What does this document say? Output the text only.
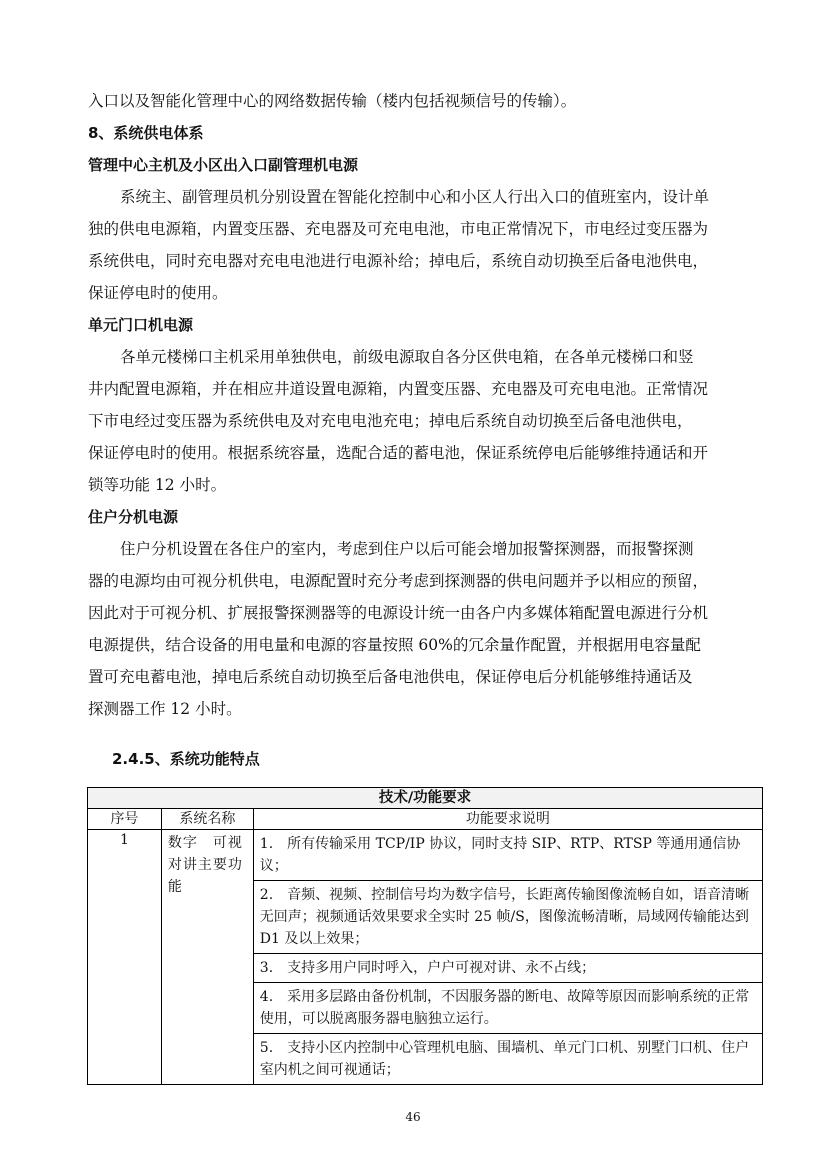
入口以及智能化管理中心的网络数据传输（楼内包括视频信号的传输）。
8、系统供电体系
管理中心主机及小区出入口副管理机电源
系统主、副管理员机分别设置在智能化控制中心和小区人行出入口的值班室内，设计单
独的供电电源箱，内置变压器、充电器及可充电电池，市电正常情况下，市电经过变压器为
系统供电，同时充电器对充电电池进行电源补给；掉电后，系统自动切换至后备电池供电，
保证停电时的使用。
单元门口机电源
各单元楼梯口主机采用单独供电，前级电源取自各分区供电箱，在各单元楼梯口和竖
井内配置电源箱，并在相应井道设置电源箱，内置变压器、充电器及可充电电池。正常情况
下市电经过变压器为系统供电及对充电电池充电；掉电后系统自动切换至后备电池供电，
保证停电时的使用。根据系统容量，选配合适的蓄电池，保证系统停电后能够维持通话和开
锁等功能 12 小时。
住户分机电源
住户分机设置在各住户的室内，考虑到住户以后可能会增加报警探测器，而报警探测
器的电源均由可视分机供电，电源配置时充分考虑到探测器的供电问题并予以相应的预留，
因此对于可视分机、扩展报警探测器等的电源设计统一由各户内多媒体箱配置电源进行分机
电源提供，结合设备的用电量和电源的容量按照 60%的冗余量作配置，并根据用电容量配
置可充电蓄电池，掉电后系统自动切换至后备电池供电，保证停电后分机能够维持通话及
探测器工作 12 小时。
2.4.5、系统功能特点
技术/功能要求		
序号	系统名称	功能要求说明
1	数字　可视对讲主要功能	1.　所有传输采用 TCP/IP 协议，同时支持 SIP、RTP、RTSP 等通用通信协议；
		2.　音频、视频、控制信号均为数字信号，长距离传输图像流畅自如，语音清晰无回声；视频通话效果要求全实时 25 帧/S，图像流畅清晰，局域网传输能达到 D1 及以上效果；
		3.　支持多用户同时呼入，户户可视对讲、永不占线；
		4.　采用多层路由备份机制，不因服务器的断电、故障等原因而影响系统的正常使用，可以脱离服务器电脑独立运行。
		5.　支持小区内控制中心管理机电脑、围墙机、单元门口机、别墅门口机、住户室内机之间可视通话；
46
